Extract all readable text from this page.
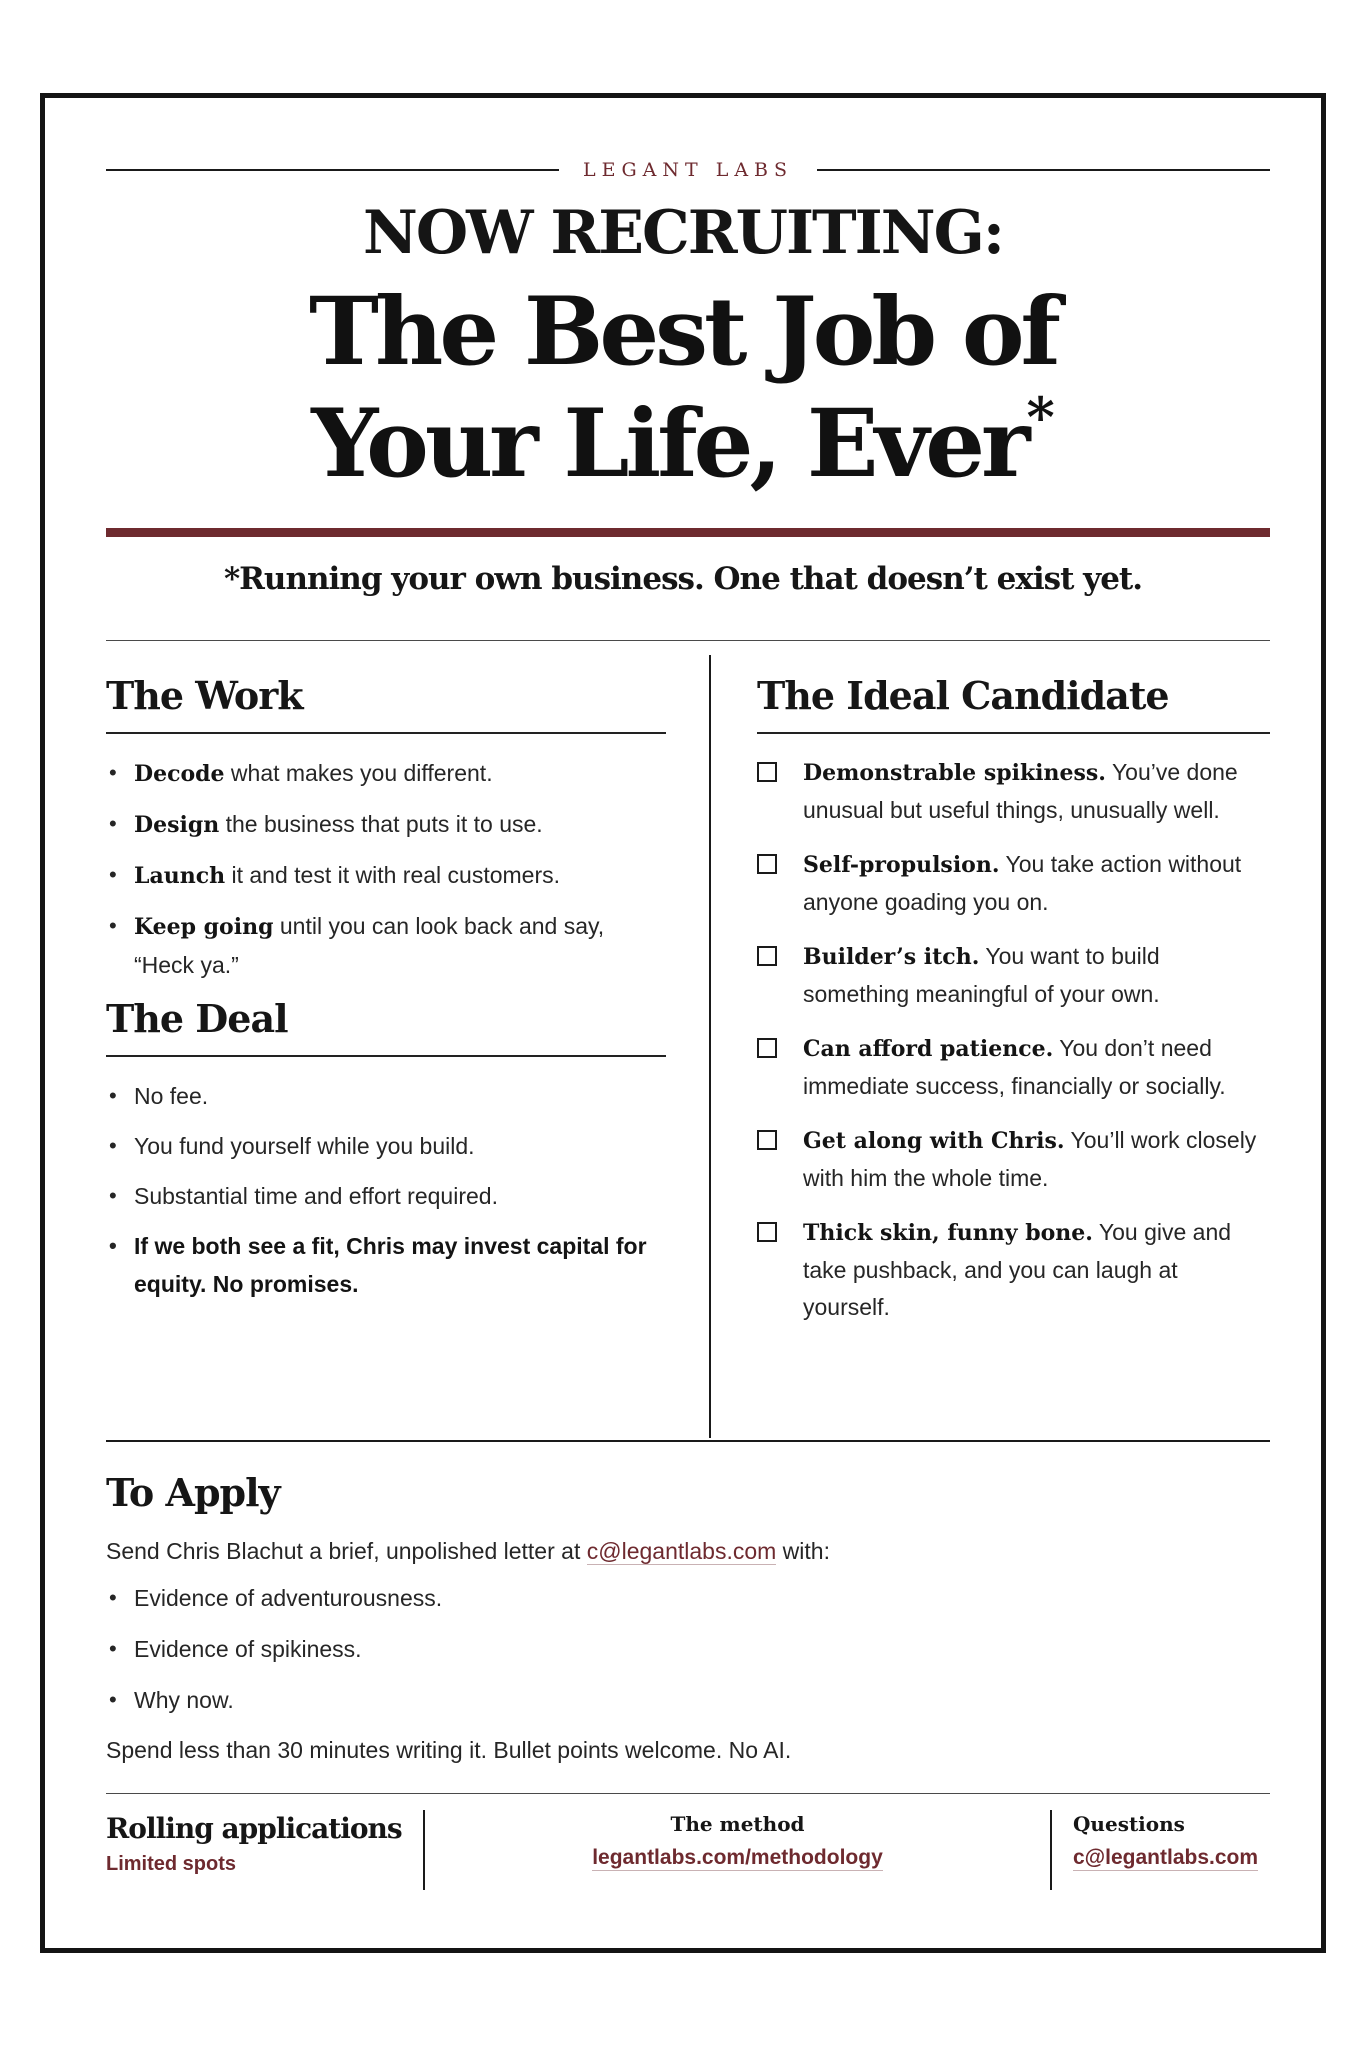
LEGANT LABS
NOW RECRUITING:
The Best Job of
Your Life, Ever*
*Running your own business. One that doesn’t exist yet.
The Work
• Decode what makes you different.
• Design the business that puts it to use.
• Launch it and test it with real customers.
• Keep going until you can look back and say, “Heck ya.”
The Deal
• No fee.
• You fund yourself while you build.
• Substantial time and effort required.
• If we both see a fit, Chris may invest capital for equity. No promises.
The Ideal Candidate
Demonstrable spikiness. You’ve done unusual but useful things, unusually well.
Self-propulsion. You take action without anyone goading you on.
Builder’s itch. You want to build something meaningful of your own.
Can afford patience. You don’t need immediate success, financially or socially.
Get along with Chris. You’ll work closely with him the whole time.
Thick skin, funny bone. You give and take pushback, and you can laugh at yourself.
To Apply

Send Chris Blachut a brief, unpolished letter at c@legantlabs.com with:

• Evidence of adventurousness.
• Evidence of spikiness.
• Why now.

Spend less than 30 minutes writing it. Bullet points welcome. No AI.

Rolling applications
Limited spots
The method
legantlabs.com/methodology
Questions
c@legantlabs.com
